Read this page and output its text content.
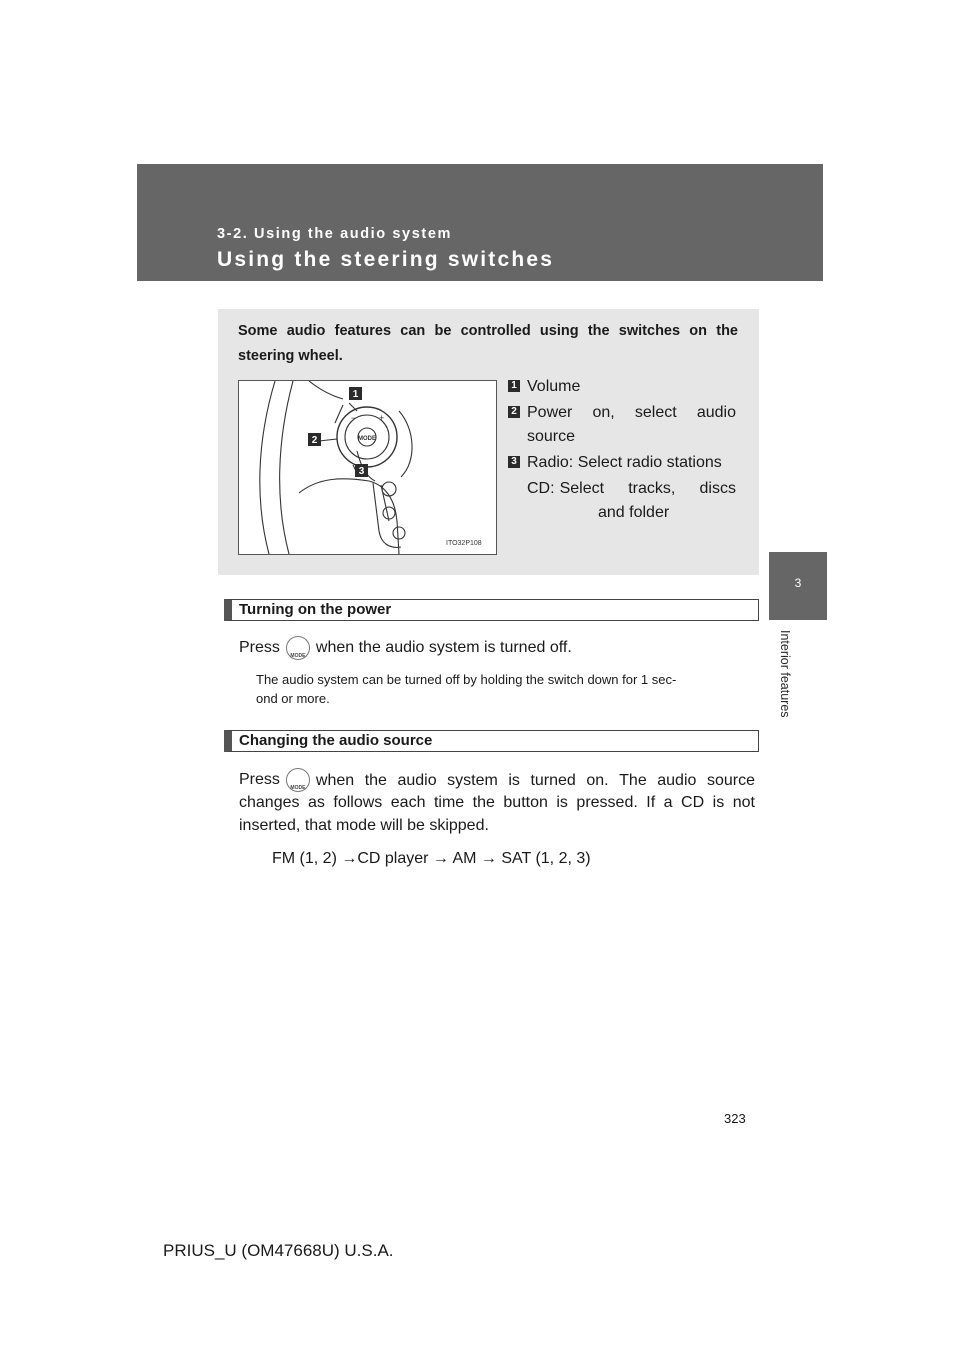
3-2. Using the audio system
Using the steering switches
3
Interior features
Some audio features can be controlled using the switches on the steering wheel.
MODE
−	+
1
2
3
ITO32P108
1 Volume
2 Power on, select audio
source
3 Radio: Select radio stations
CD: Select tracks, discs
and folder
Turning on the power
Press	MODE when the audio system is turned off.
The audio system can be turned off by holding the switch down for 1 sec-
ond or more.
Changing the audio source
Press	MODE when the audio system is turned on. The audio source
changes as follows each time the button is pressed. If a CD is not
inserted, that mode will be skipped.
FM (1, 2) →CD player → AM → SAT (1, 2, 3)
323
PRIUS_U (OM47668U) U.S.A.
